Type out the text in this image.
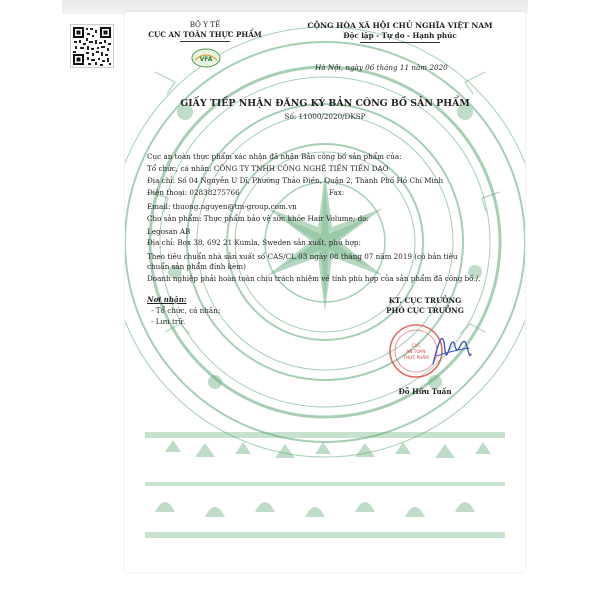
BỘ Y TẾ
CỤC AN TOÀN THỰC PHẨM
VFA
CỘNG HÒA XÃ HỘI CHỦ NGHĨA VIỆT NAM
Độc lập - Tự do - Hạnh phúc
Hà Nội, ngày 06 tháng 11 năm 2020
GIẤY TIẾP NHẬN ĐĂNG KÝ BẢN CÔNG BỐ SẢN PHẨM
Số: 11000/2020/DKSP
Cục an toàn thực phẩm xác nhận đã nhận Bản công bố sản phẩm của:
Tổ chức, cá nhân: CÔNG TY TNHH CÔNG NGHỆ TIẾN TIẾN DAO
Địa chỉ: Số 04 Nguyễn U Dĩ, Phường Thảo Điền, Quận 2, Thành Phố Hồ Chí Minh
Điện thoại: 02838275766	Fax:
Email: thuong.nguyen@tm-group.com.vn
Cho sản phẩm: Thực phẩm bảo vệ sức khỏe Hair Volume; do:
Legosan AB
Địa chỉ: Box 38, 692 21 Kumla, Sweden sản xuất, phù hợp:
Theo tiêu chuẩn nhà sản xuất số CAS/CL 03 ngày 08 tháng 07 năm 2019 (có bản tiêu
chuẩn sản phẩm đính kèm)
Doanh nghiệp phải hoàn toàn chịu trách nhiệm về tính phù hợp của sản phẩm đã công bố./.
Nơi nhận:
- Tổ chức, cá nhân;
- Lưu trữ.
KT. CỤC TRƯỞNG
PHÓ CỤC TRƯỞNG
CỤC
AN TOÀN
THỰC PHẨM
Đỗ Hữu Tuấn
